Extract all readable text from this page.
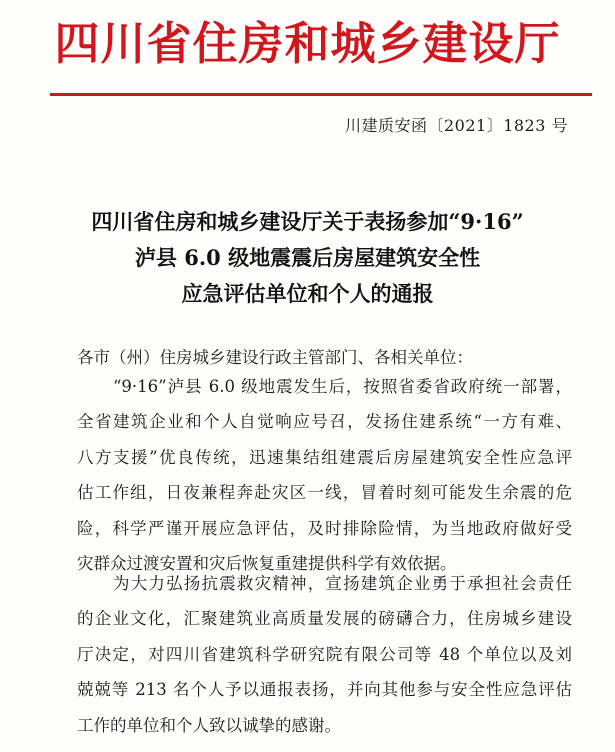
四川省住房和城乡建设厅
川建质安函〔2021〕1823 号
四川省住房和城乡建设厅关于表扬参加“9·16”
泸县 6.0 级地震震后房屋建筑安全性
应急评估单位和个人的通报
各市（州）住房城乡建设行政主管部门、各相关单位：
“9·16”泸县 6.0 级地震发生后，按照省委省政府统一部署，
全省建筑企业和个人自觉响应号召，发扬住建系统“一方有难、
八方支援”优良传统，迅速集结组建震后房屋建筑安全性应急评
估工作组，日夜兼程奔赴灾区一线，冒着时刻可能发生余震的危
险，科学严谨开展应急评估，及时排除险情，为当地政府做好受
灾群众过渡安置和灾后恢复重建提供科学有效依据。
为大力弘扬抗震救灾精神，宣扬建筑企业勇于承担社会责任
的企业文化，汇聚建筑业高质量发展的磅礴合力，住房城乡建设
厅决定，对四川省建筑科学研究院有限公司等 48 个单位以及刘
兢兢等 213 名个人予以通报表扬，并向其他参与安全性应急评估
工作的单位和个人致以诚挚的感谢。
